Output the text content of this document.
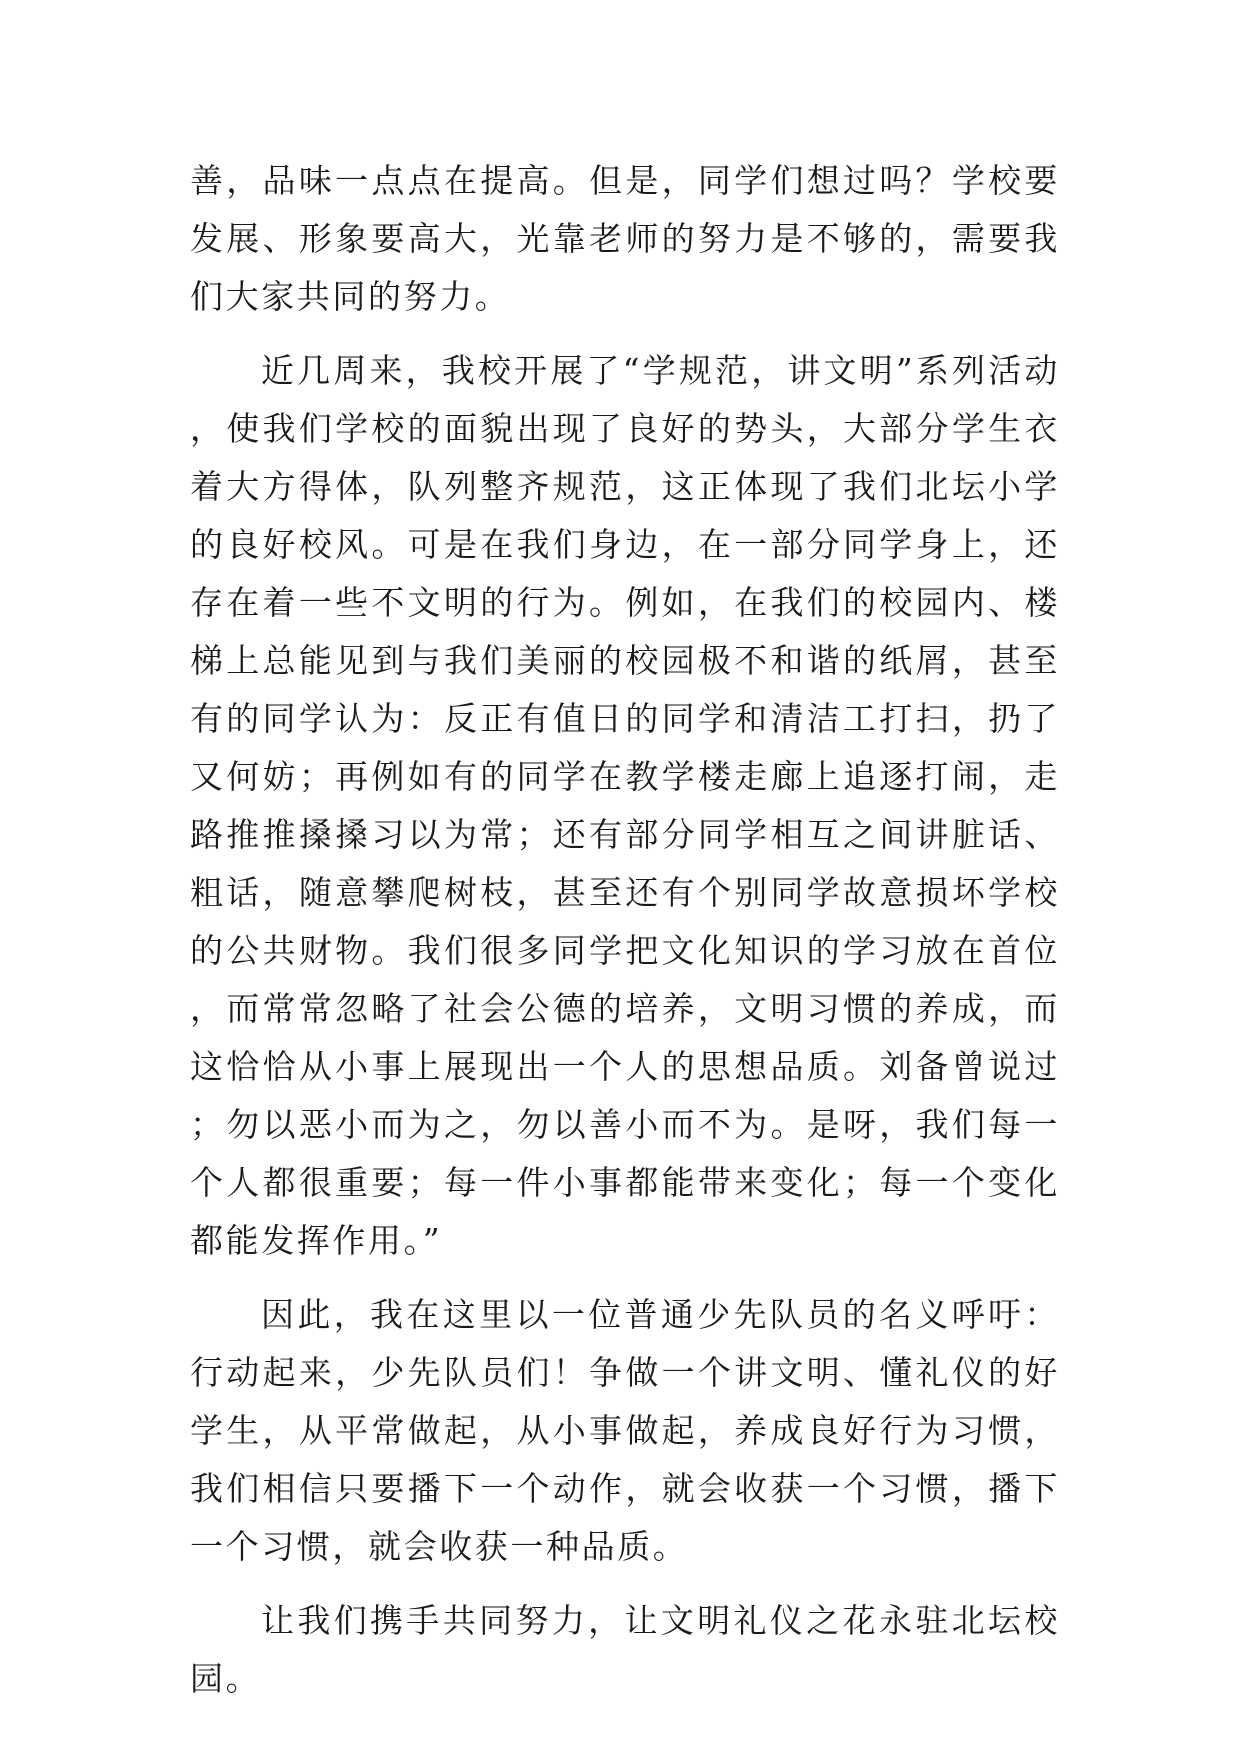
善，品味一点点在提高。但是，同学们想过吗？学校要发展、形象要高大，光靠老师的努力是不够的，需要我们大家共同的努力。

近几周来，我校开展了“学规范，讲文明”系列活动，使我们学校的面貌出现了良好的势头，大部分学生衣着大方得体，队列整齐规范，这正体现了我们北坛小学的良好校风。可是在我们身边，在一部分同学身上，还存在着一些不文明的行为。例如，在我们的校园内、楼梯上总能见到与我们美丽的校园极不和谐的纸屑，甚至有的同学认为：反正有值日的同学和清洁工打扫，扔了又何妨；再例如有的同学在教学楼走廊上追逐打闹，走路推推搡搡习以为常；还有部分同学相互之间讲脏话、粗话，随意攀爬树枝，甚至还有个别同学故意损坏学校的公共财物。我们很多同学把文化知识的学习放在首位，而常常忽略了社会公德的培养，文明习惯的养成，而这恰恰从小事上展现出一个人的思想品质。刘备曾说过；勿以恶小而为之，勿以善小而不为。是呀，我们每一个人都很重要；每一件小事都能带来变化；每一个变化都能发挥作用。”

因此，我在这里以一位普通少先队员的名义呼吁：行动起来，少先队员们！争做一个讲文明、懂礼仪的好学生，从平常做起，从小事做起，养成良好行为习惯，我们相信只要播下一个动作，就会收获一个习惯，播下一个习惯，就会收获一种品质。

让我们携手共同努力，让文明礼仪之花永驻北坛校园。
